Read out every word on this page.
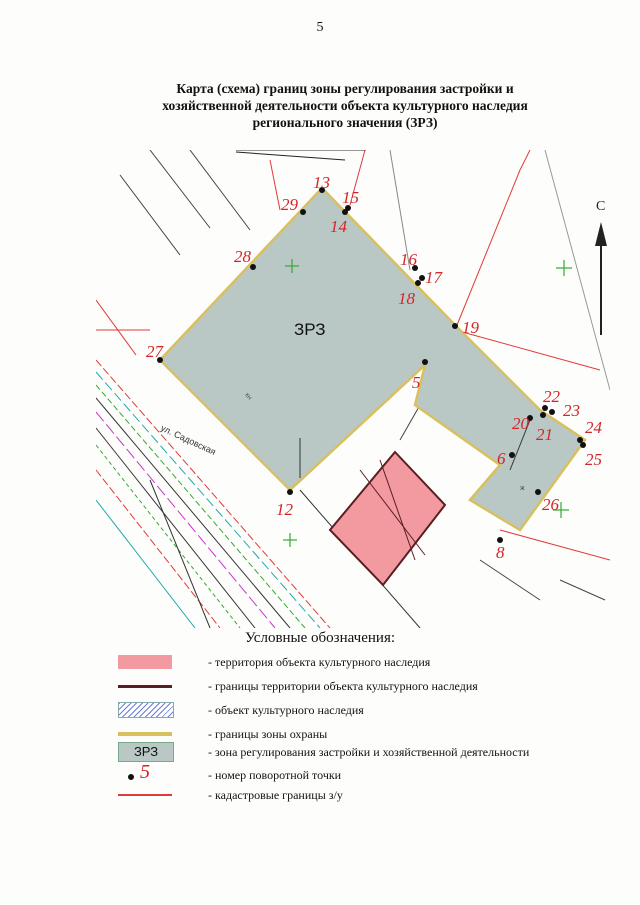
5
Карта (схема) границ зоны регулирования застройки и
хозяйственной деятельности объекта культурного наследия
регионального значения (ЗРЗ)
С
ЗРЗ
ул. Садовская
КН
Ж
5
6
8
12
13
14
15
16
17
18
19
20
21
22
23
24
25
26
27
28
29
Условные обозначения:
- территория объекта культурного наследия
- границы территории объекта культурного наследия
- объект культурного наследия
- границы зоны охраны
ЗРЗ	- зона регулирования застройки и хозяйственной деятельности
5	- номер поворотной точки
- кадастровые границы з/у
